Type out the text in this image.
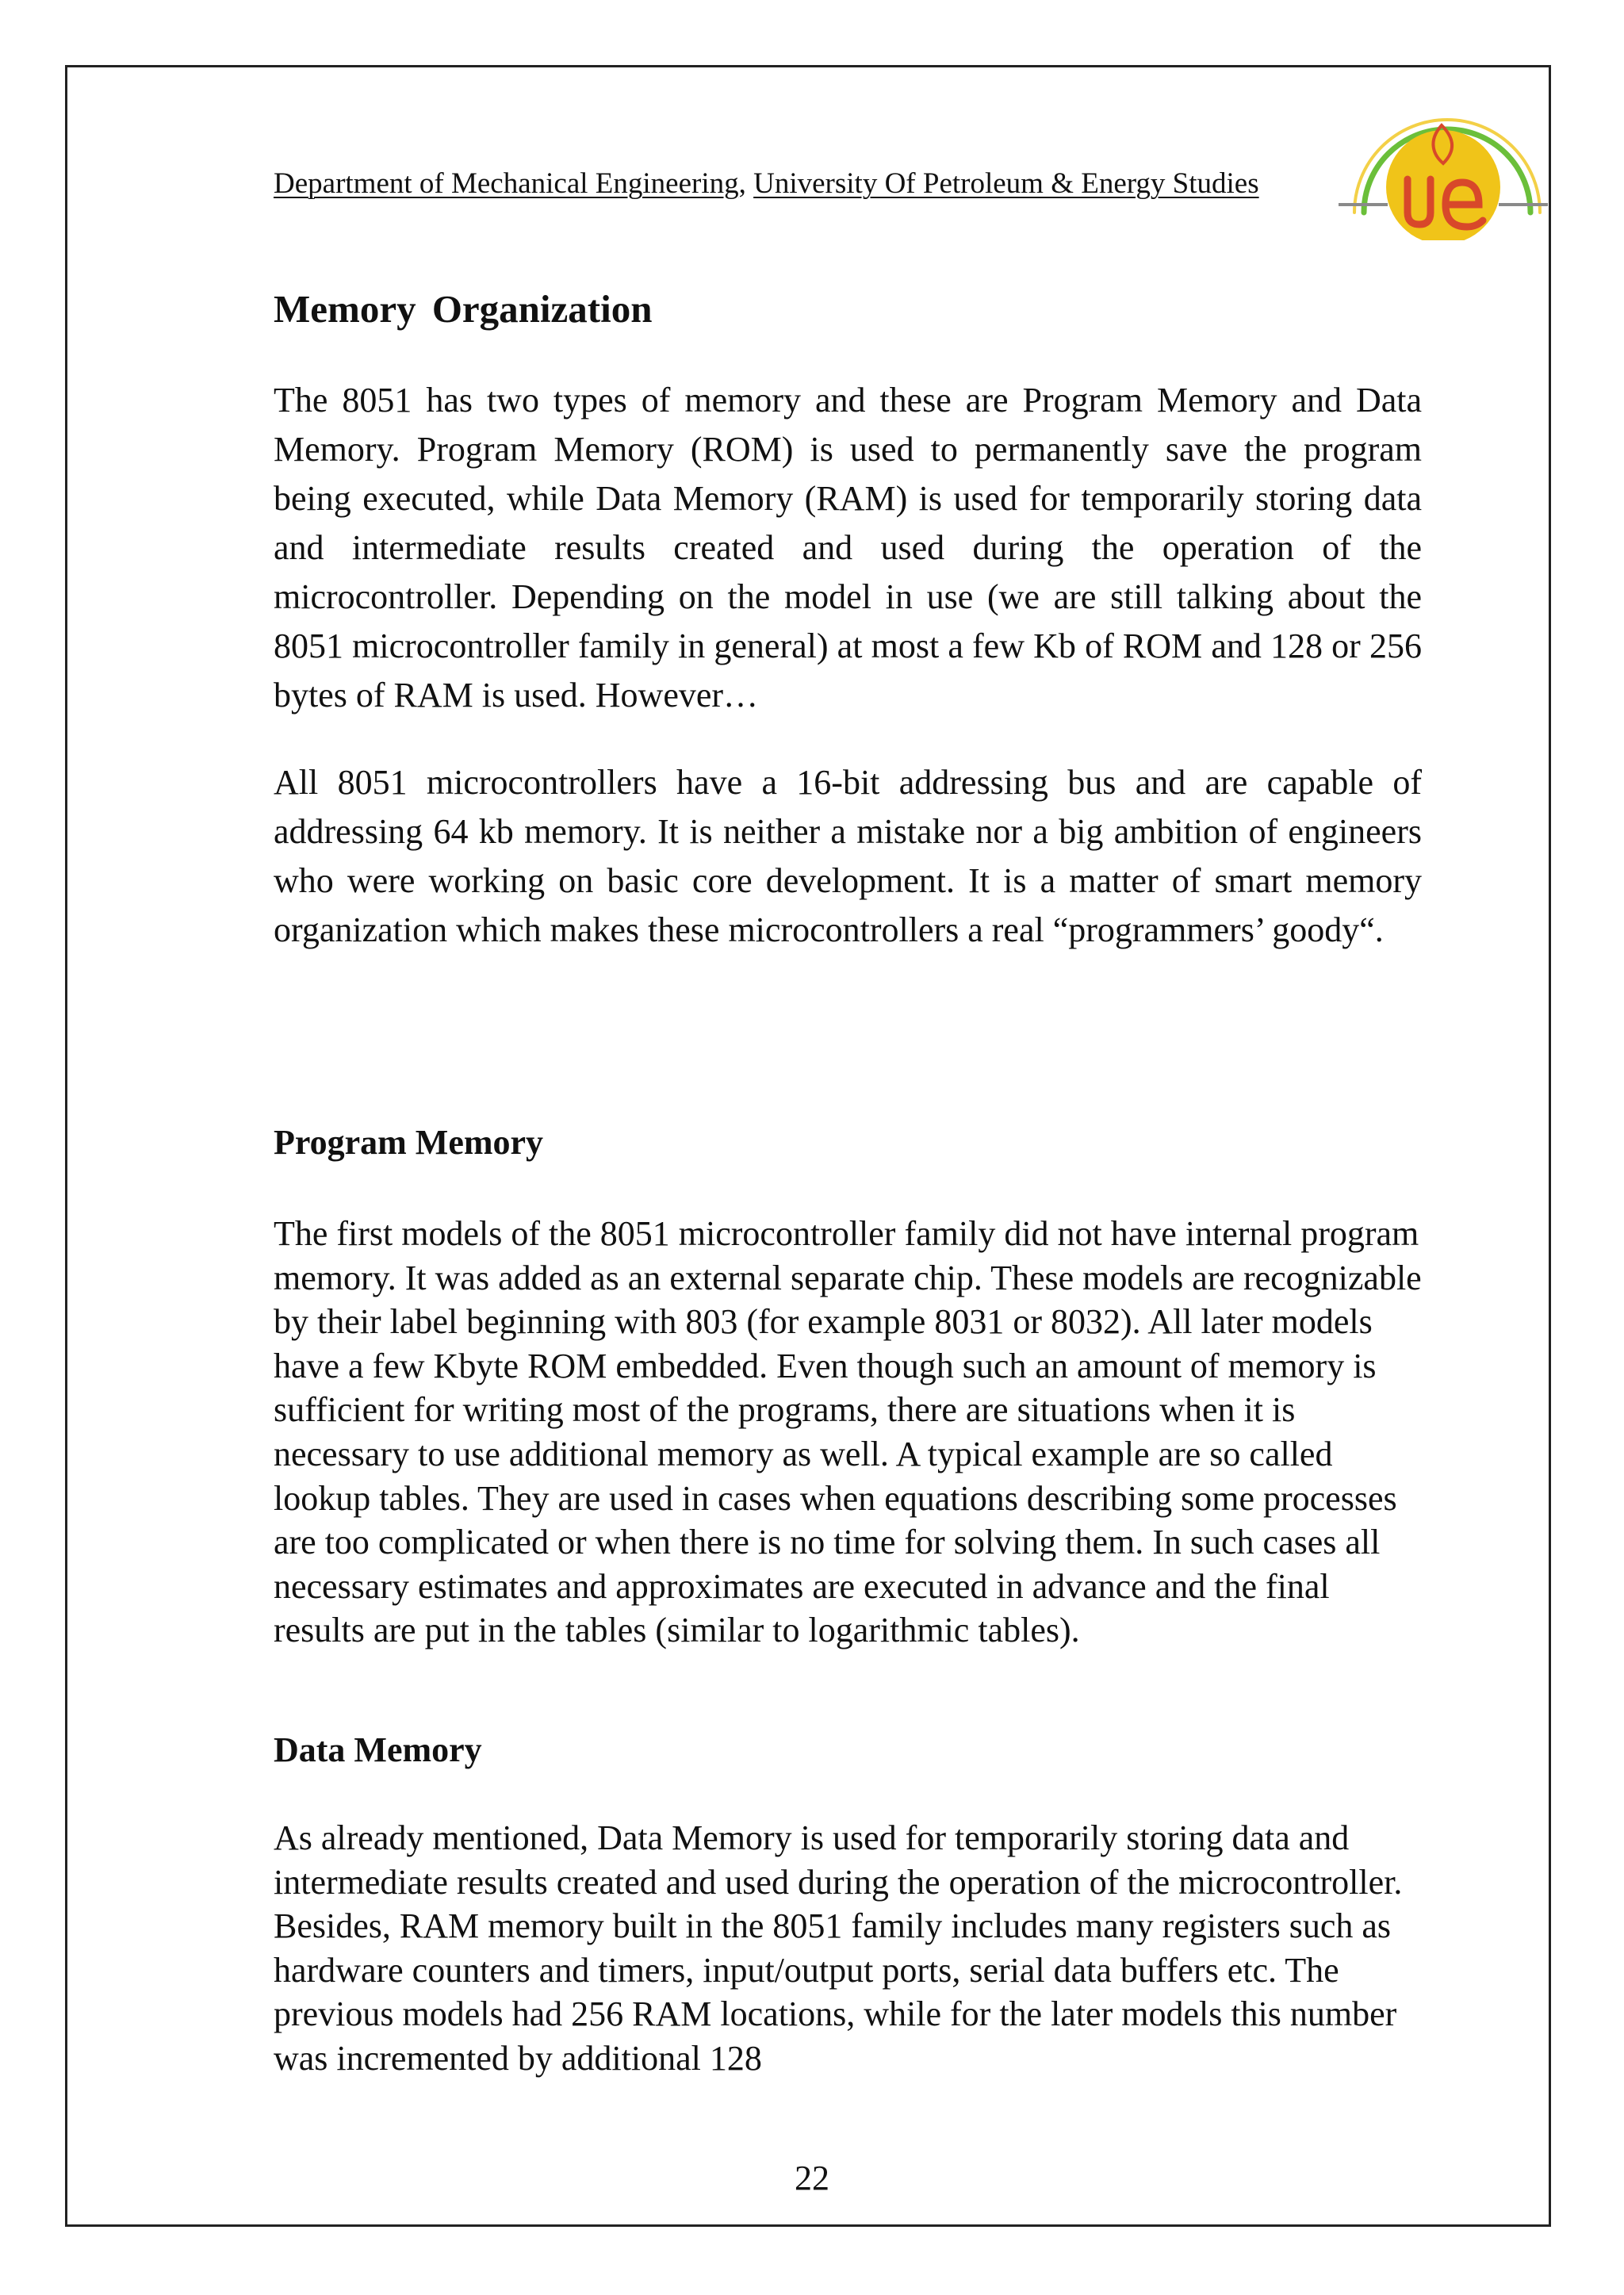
Department of Mechanical Engineering, University Of Petroleum & Energy Studies
Memory Organization

The 8051 has two types of memory and these are Program Memory and Data Memory. Program Memory (ROM) is used to permanently save the program being executed, while Data Memory (RAM) is used for temporarily storing data and intermediate results created and used during the operation of the microcontroller. Depending on the model in use (we are still talking about the 8051 microcontroller family in general) at most a few Kb of ROM and 128 or 256 bytes of RAM is used. However…

All 8051 microcontrollers have a 16-bit addressing bus and are capable of addressing 64 kb memory. It is neither a mistake nor a big ambition of engineers who were working on basic core development. It is a matter of smart memory organization which makes these microcontrollers a real “programmers’ goody“.

Program Memory

The first models of the 8051 microcontroller family did not have internal program memory. It was added as an external separate chip. These models are recognizable by their label beginning with 803 (for example 8031 or 8032). All later models have a few Kbyte ROM embedded. Even though such an amount of memory is sufficient for writing most of the programs, there are situations when it is necessary to use additional memory as well. A typical example are so called lookup tables. They are used in cases when equations describing some processes are too complicated or when there is no time for solving them. In such cases all necessary estimates and approximates are executed in advance and the final results are put in the tables (similar to logarithmic tables).

Data Memory

As already mentioned, Data Memory is used for temporarily storing data and intermediate results created and used during the operation of the microcontroller. Besides, RAM memory built in the 8051 family includes many registers such as hardware counters and timers, input/output ports, serial data buffers etc. The previous models had 256 RAM locations, while for the later models this number was incremented by additional 128

22
